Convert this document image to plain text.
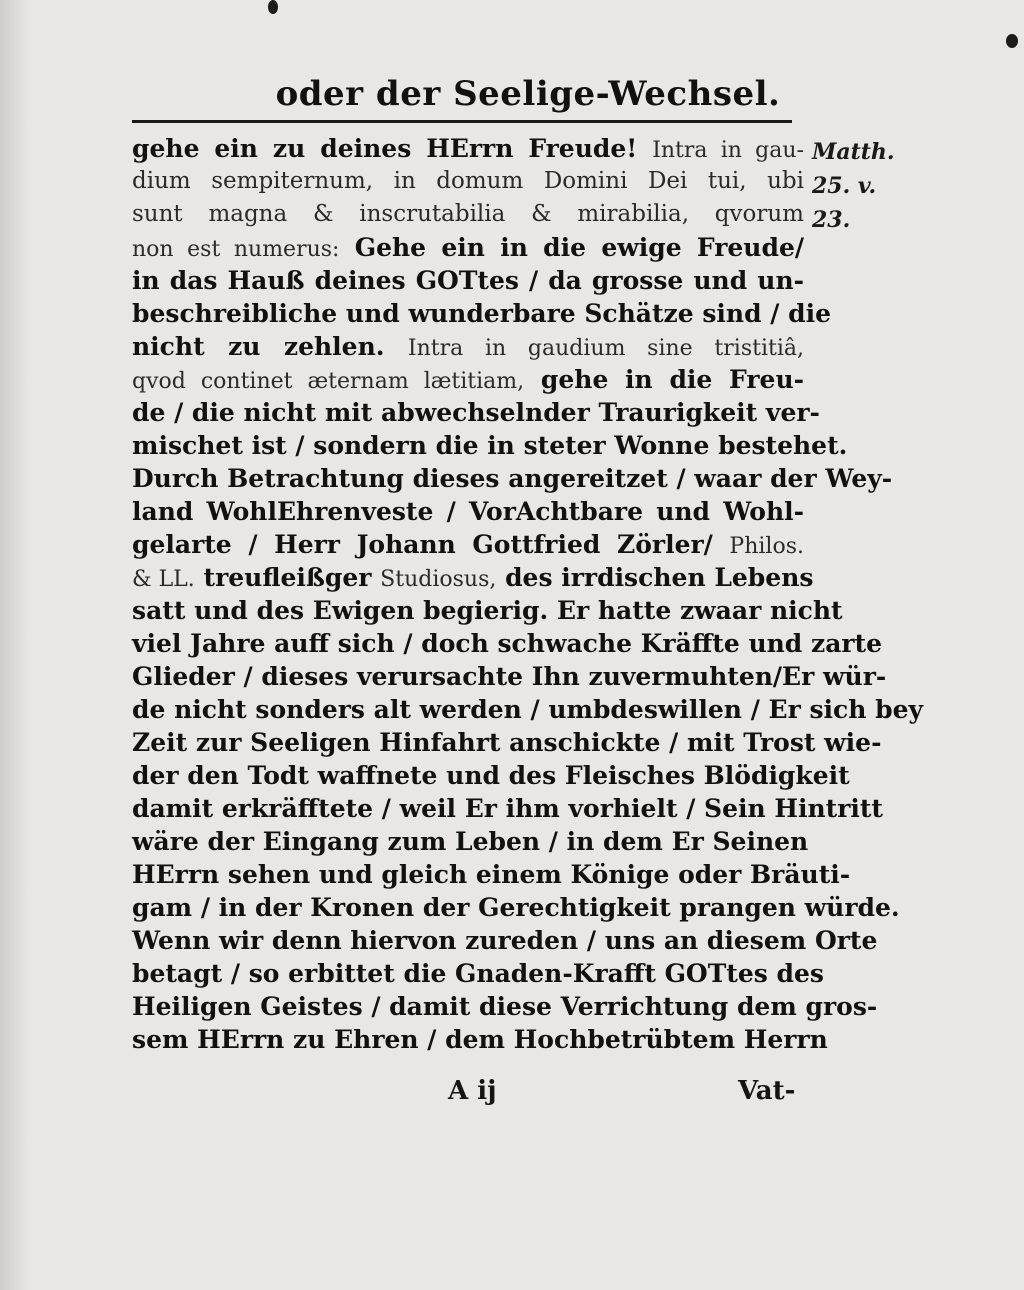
oder der Seelige-Wechsel.
gehe ein zu deines HErrn Freude! Intra in gau-
dium sempiternum, in domum Domini Dei tui, ubi
sunt magna & inscrutabilia & mirabilia, qvorum
non est numerus: Gehe ein in die ewige Freude/
in das Hauß deines GOTtes / da grosse und un-
beschreibliche und wunderbare Schätze sind / die
nicht zu zehlen. Intra in gaudium sine tristitiâ,
qvod continet æternam lætitiam, gehe in die Freu-
de / die nicht mit abwechselnder Traurigkeit ver-
mischet ist / sondern die in steter Wonne bestehet.
Durch Betrachtung dieses angereitzet / waar der Wey-
land WohlEhrenveste / VorAchtbare und Wohl-
gelarte / Herr Johann Gottfried Zörler/ Philos.
& LL. treufleißger Studiosus, des irrdischen Lebens
satt und des Ewigen begierig. Er hatte zwaar nicht
viel Jahre auff sich / doch schwache Kräffte und zarte
Glieder / dieses verursachte Ihn zuvermuhten/Er wür-
de nicht sonders alt werden / umbdeswillen / Er sich bey
Zeit zur Seeligen Hinfahrt anschickte / mit Trost wie-
der den Todt waffnete und des Fleisches Blödigkeit
damit erkräfftete / weil Er ihm vorhielt / Sein Hintritt
wäre der Eingang zum Leben / in dem Er Seinen
HErrn sehen und gleich einem Könige oder Bräuti-
gam / in der Kronen der Gerechtigkeit prangen würde.
Wenn wir denn hiervon zureden / uns an diesem Orte
betagt / so erbittet die Gnaden-Krafft GOTtes des
Heiligen Geistes / damit diese Verrichtung dem gros-
sem HErrn zu Ehren / dem Hochbetrübtem Herrn
A ij	Vat-
Matth.
25. v. 23.
